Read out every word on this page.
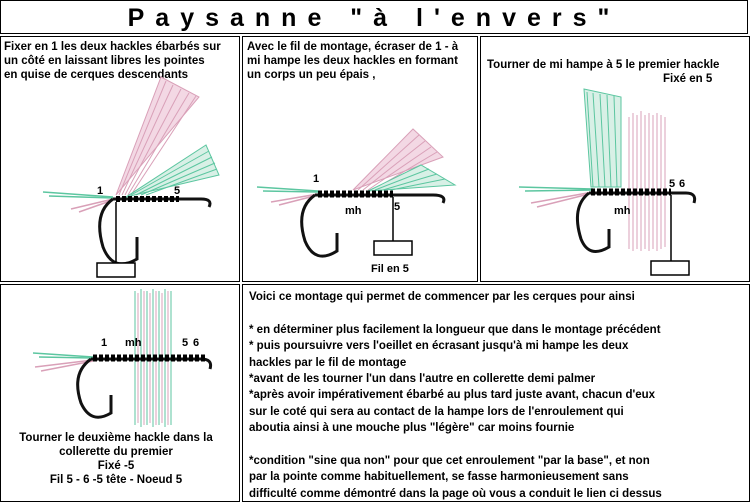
Paysanne "à l'envers"
Fixer en 1 les deux hackles ébarbés sur
un côté en laissant libres les pointes
en quise de cerques descendants
1	5
Avec le fil de montage, écraser de 1 - à
mi hampe les deux hackles en formant
un corps un peu épais ,
1
mh	5
Fil en 5
Tourner de mi hampe à 5 le premier hackle
Fixé en 5
5 6
mh
1 mh	5 6
Tourner le deuxième hackle dans la
collerette du premier
Fixé -5
Fil 5 - 6 -5 tête - Noeud 5

Voici ce montage qui permet de commencer par les cerques pour ainsi

* en déterminer plus facilement la longueur que dans le montage précédent

* puis poursuivre vers l'oeillet en écrasant jusqu'à mi hampe les deux

hackles par le fil de montage

*avant de les tourner l'un dans l'autre en collerette demi palmer

*après avoir impérativement ébarbé au plus tard juste avant, chacun d'eux

sur le coté qui sera au contact de la hampe lors de l'enroulement qui

aboutia ainsi à une mouche plus "légère" car moins fournie

*condition "sine qua non" pour que cet enroulement "par la base", et non

par la pointe comme habituellement, se fasse harmonieusement sans

difficulté comme démontré dans la page où vous a conduit le lien ci dessus
